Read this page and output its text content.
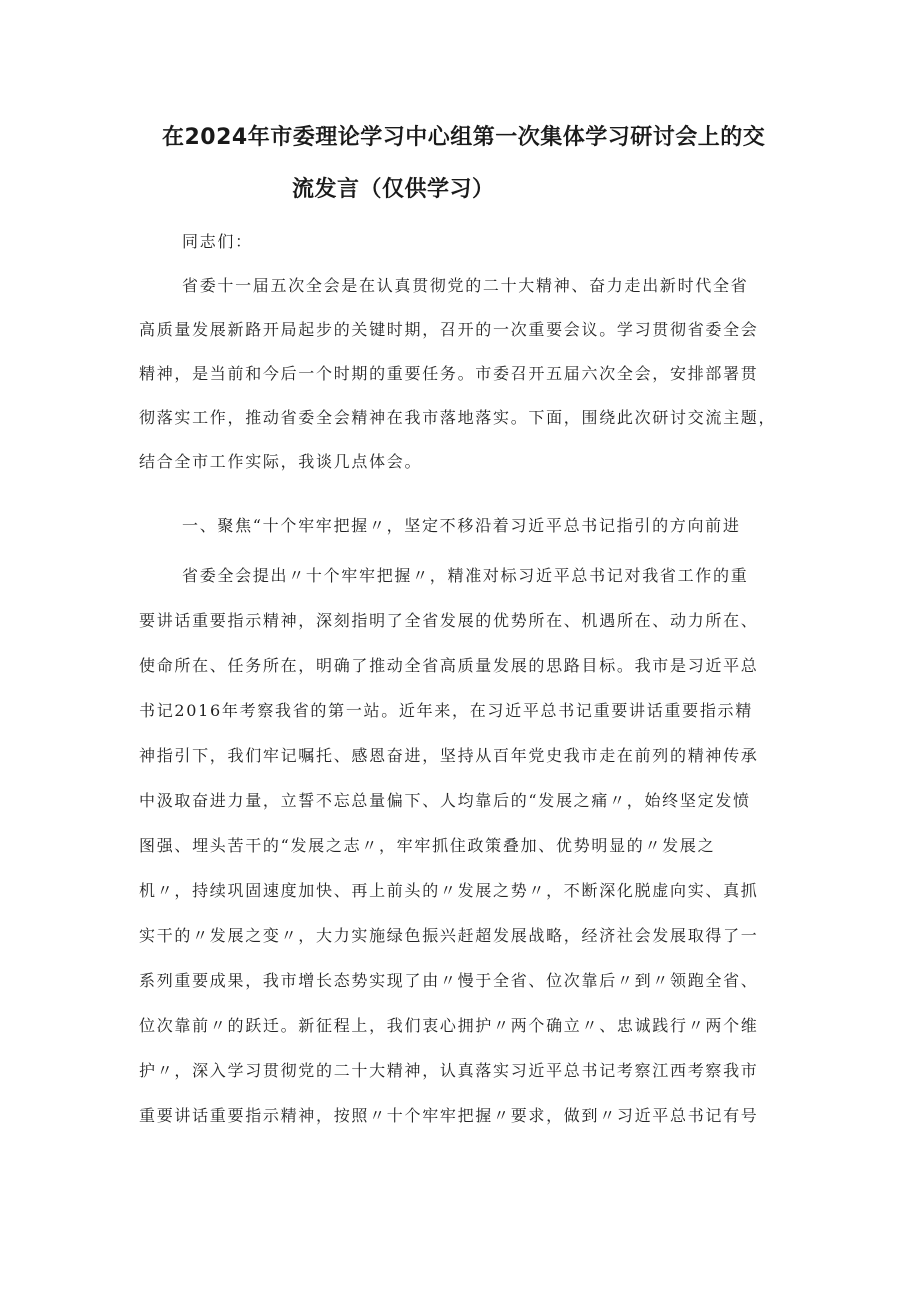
在2024年市委理论学习中心组第一次集体学习研讨会上的交
流发言（仅供学习）
同志们：
省委十一届五次全会是在认真贯彻党的二十大精神、奋力走出新时代全省
高质量发展新路开局起步的关键时期，召开的一次重要会议。学习贯彻省委全会
精神，是当前和今后一个时期的重要任务。市委召开五届六次全会，安排部署贯
彻落实工作，推动省委全会精神在我市落地落实。下面，围绕此次研讨交流主题，
结合全市工作实际，我谈几点体会。
一、聚焦“十个牢牢把握〃，坚定不移沿着习近平总书记指引的方向前进
省委全会提出〃十个牢牢把握〃，精准对标习近平总书记对我省工作的重
要讲话重要指示精神，深刻指明了全省发展的优势所在、机遇所在、动力所在、
使命所在、任务所在，明确了推动全省高质量发展的思路目标。我市是习近平总
书记2016年考察我省的第一站。近年来，在习近平总书记重要讲话重要指示精
神指引下，我们牢记嘱托、感恩奋进，坚持从百年党史我市走在前列的精神传承
中汲取奋进力量，立誓不忘总量偏下、人均靠后的“发展之痛〃，始终坚定发愤
图强、埋头苦干的“发展之志〃，牢牢抓住政策叠加、优势明显的〃发展之
机〃，持续巩固速度加快、再上前头的〃发展之势〃，不断深化脱虚向实、真抓
实干的〃发展之变〃，大力实施绿色振兴赶超发展战略，经济社会发展取得了一
系列重要成果，我市增长态势实现了由〃慢于全省、位次靠后〃到〃领跑全省、
位次靠前〃的跃迁。新征程上，我们衷心拥护〃两个确立〃、忠诚践行〃两个维
护〃，深入学习贯彻党的二十大精神，认真落实习近平总书记考察江西考察我市
重要讲话重要指示精神，按照〃十个牢牢把握〃要求，做到〃习近平总书记有号
